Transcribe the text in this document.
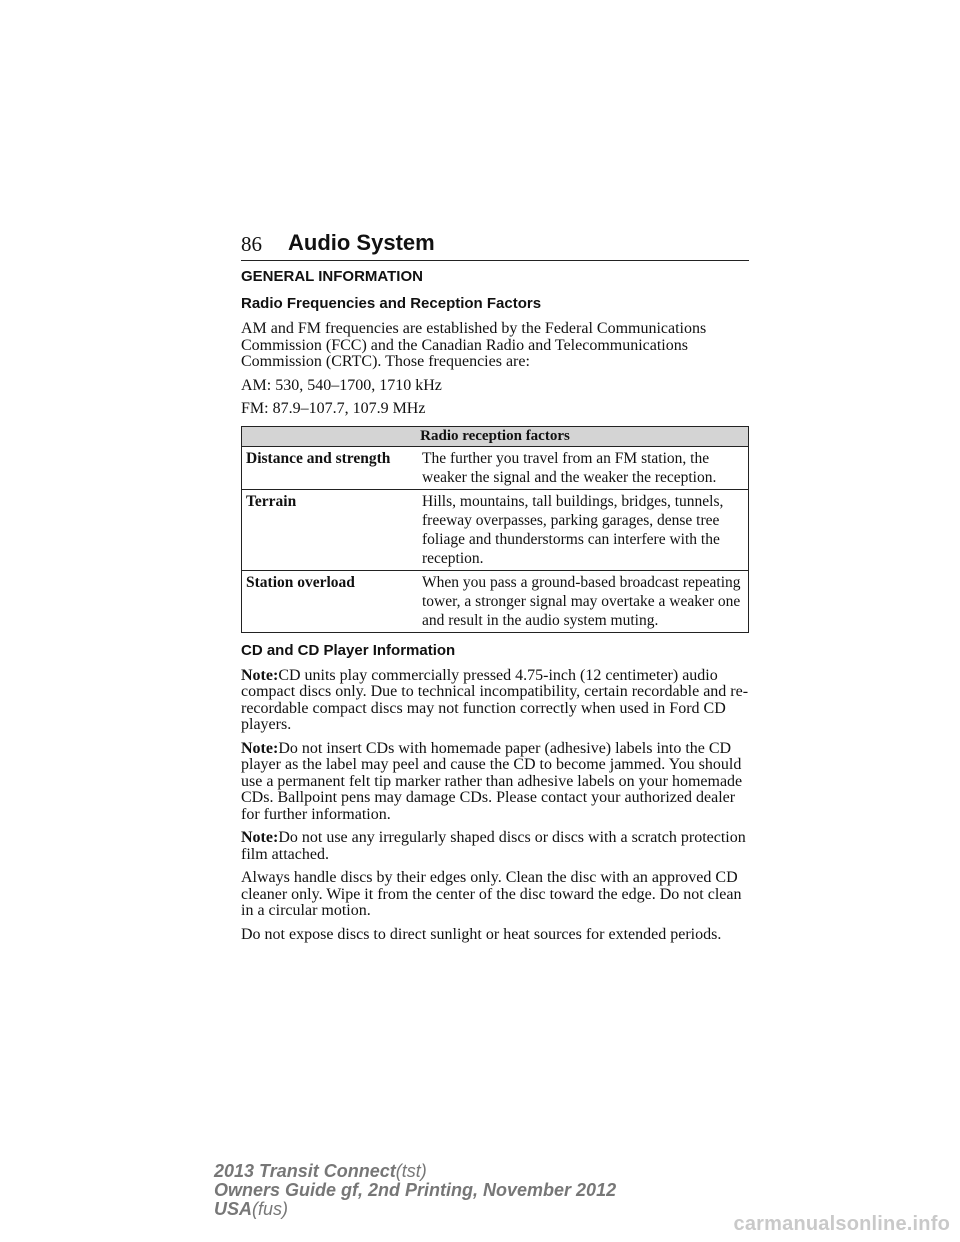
86 Audio System
GENERAL INFORMATION
Radio Frequencies and Reception Factors

AM and FM frequencies are established by the Federal Communications Commission (FCC) and the Canadian Radio and Telecommunications Commission (CRTC). Those frequencies are:

AM: 530, 540–1700, 1710 kHz

FM: 87.9–107.7, 107.9 MHz

Radio reception factors	
Distance and strength	The further you travel from an FM station, the weaker the signal and the weaker the reception.
Terrain	Hills, mountains, tall buildings, bridges, tunnels, freeway overpasses, parking garages, dense tree foliage and thunderstorms can interfere with the reception.
Station overload	When you pass a ground-based broadcast repeating tower, a stronger signal may overtake a weaker one and result in the audio system muting.
CD and CD Player Information

Note:CD units play commercially pressed 4.75-inch (12 centimeter) audio compact discs only. Due to technical incompatibility, certain recordable and re-recordable compact discs may not function correctly when used in Ford CD players.

Note:Do not insert CDs with homemade paper (adhesive) labels into the CD player as the label may peel and cause the CD to become jammed. You should use a permanent felt tip marker rather than adhesive labels on your homemade CDs. Ballpoint pens may damage CDs. Please contact your authorized dealer for further information.

Note:Do not use any irregularly shaped discs or discs with a scratch protection film attached.

Always handle discs by their edges only. Clean the disc with an approved CD cleaner only. Wipe it from the center of the disc toward the edge. Do not clean in a circular motion.

Do not expose discs to direct sunlight or heat sources for extended periods.

2013 Transit Connect(tst)
Owners Guide gf, 2nd Printing, November 2012
USA(fus)
carmanualsonline.info
